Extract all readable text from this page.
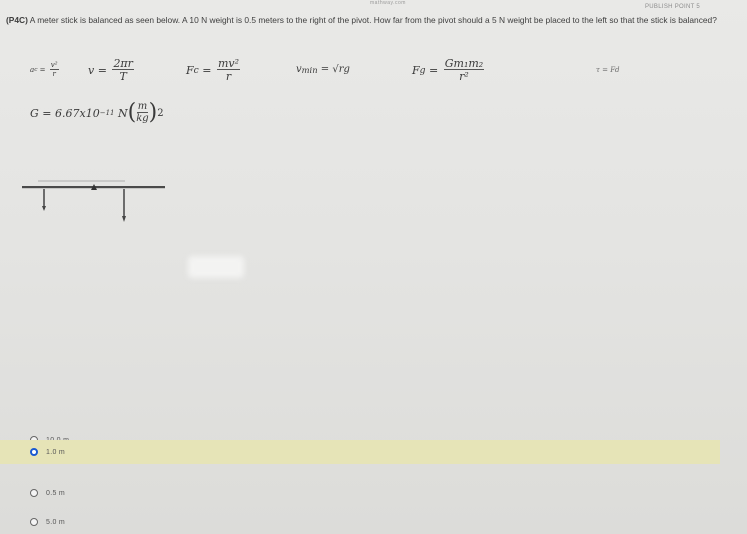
mathway.com
PUBLISH POINT 5
(P4C) A meter stick is balanced as seen below. A 10 N weight is 0.5 meters to the right of the pivot. How far from the pivot should a 5 N weight be placed to the left so that the stick is balanced?
a $c = \frac{\text{v²}}{r}$	v =
$\frac{2\pi r}{T}$	F $c = \frac{\text{mv²}}{r}$	v min
= √rg	F $g = \frac{\text{Gm₁m₂}}{\text{r²}}$	τ = Fd
G = 6.67x10 −11
N ( m
kg ) 2
1.0 m
0.5 m
5.0 m
